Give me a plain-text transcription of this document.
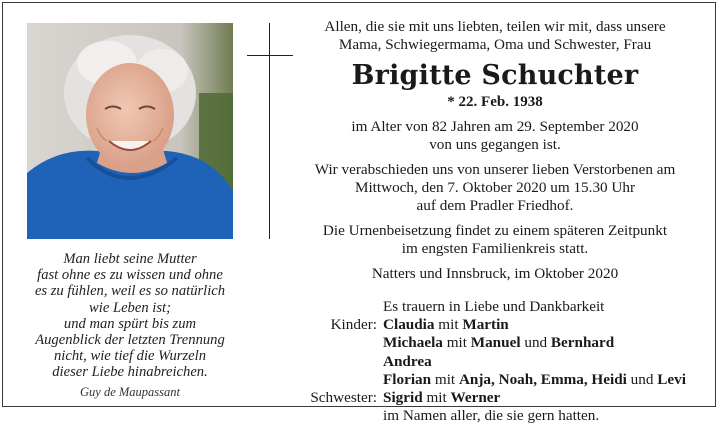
Man liebt seine Mutter
fast ohne es zu wissen und ohne
es zu fühlen, weil es so natürlich
wie Leben ist;
und man spürt bis zum
Augenblick der letzten Trennung
nicht, wie tief die Wurzeln
dieser Liebe hinabreichen.
Guy de Maupassant
Allen, die sie mit uns liebten, teilen wir mit, dass unsere
Mama, Schwiegermama, Oma und Schwester, Frau
Brigitte Schuchter
* 22. Feb. 1938
im Alter von 82 Jahren am 29. September 2020
von uns gegangen ist.
Wir verabschieden uns von unserer lieben Verstorbenen am
Mittwoch, den 7. Oktober 2020 um 15.30 Uhr
auf dem Pradler Friedhof.
Die Urnenbeisetzung findet zu einem späteren Zeitpunkt
im engsten Familienkreis statt.
Natters und Innsbruck, im Oktober 2020
Es trauern in Liebe und Dankbarkeit
Kinder: Claudia mit Martin
Michaela mit Manuel und Bernhard
Andrea
Florian mit Anja, Noah, Emma, Heidi und Levi
Schwester: Sigrid mit Werner
im Namen aller, die sie gern hatten.
